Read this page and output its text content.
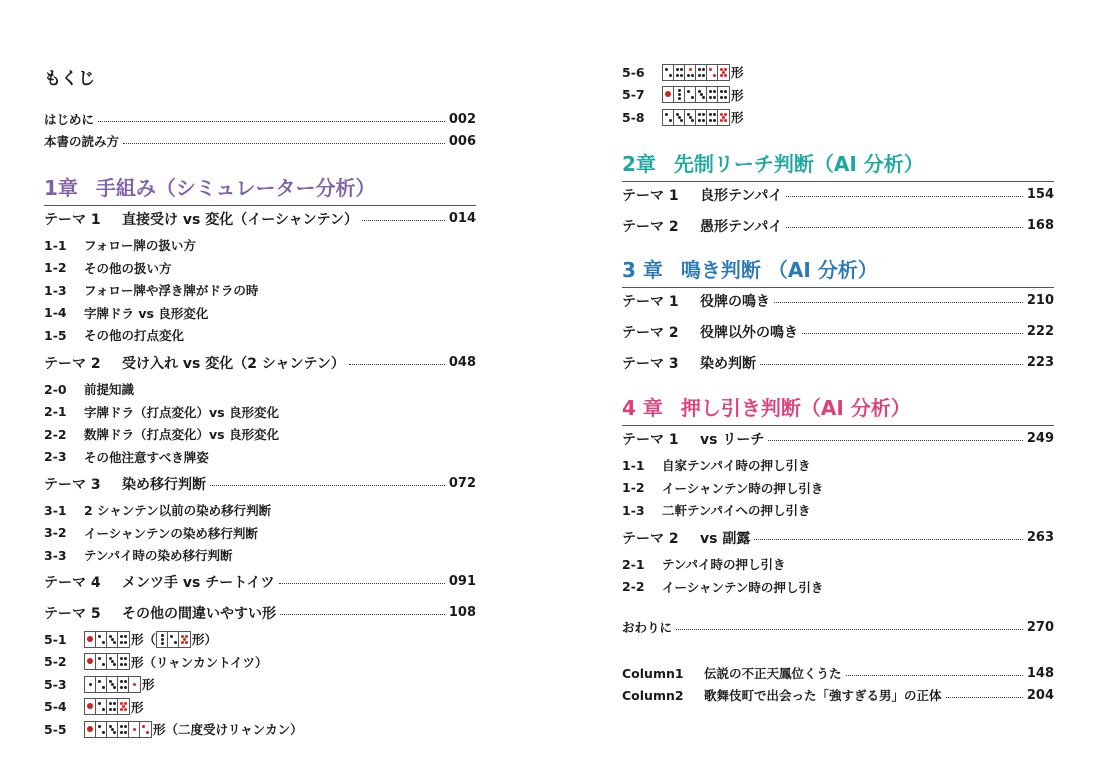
もくじ
はじめに	002
本書の読み方	006
1章 手組み（シミュレーター分析）
テーマ 1 直接受け vs 変化（イーシャンテン）	014
1-1	フォロー牌の扱い方
1-2	その他の扱い方
1-3	フォロー牌や浮き牌がドラの時
1-4	字牌ドラ vs 良形変化
1-5	その他の打点変化
テーマ 2 受け入れ vs 変化（2 シャンテン）	048
2-0	前提知識
2-1	字牌ドラ（打点変化）vs 良形変化
2-2	数牌ドラ（打点変化）vs 良形変化
2-3	その他注意すべき牌姿
テーマ 3 染め移行判断	072
3-1	2 シャンテン以前の染め移行判断
3-2	イーシャンテンの染め移行判断
3-3	テンパイ時の染め移行判断
テーマ 4 メンツ手 vs チートイツ	091
テーマ 5 その他の間違いやすい形	108
5-1	形（	形）
5-2	形（リャンカントイツ）
5-3	形
5-4	形
5-5	形（二度受けリャンカン）
5-6	形
5-7	形
5-8	形
2章 先制リーチ判断（AI 分析）
テーマ 1 良形テンパイ	154
テーマ 2 愚形テンパイ	168
3 章 鳴き判断 （AI 分析）
テーマ 1 役牌の鳴き	210
テーマ 2 役牌以外の鳴き	222
テーマ 3 染め判断	223
4 章 押し引き判断（AI 分析）
テーマ 1 vs リーチ	249
1-1	自家テンパイ時の押し引き
1-2	イーシャンテン時の押し引き
1-3	二軒テンパイへの押し引き
テーマ 2 vs 副露	263
2-1	テンパイ時の押し引き
2-2	イーシャンテン時の押し引き
おわりに	270
Column1 伝説の不正天鳳位くうた	148
Column2 歌舞伎町で出会った「強すぎる男」の正体	204
